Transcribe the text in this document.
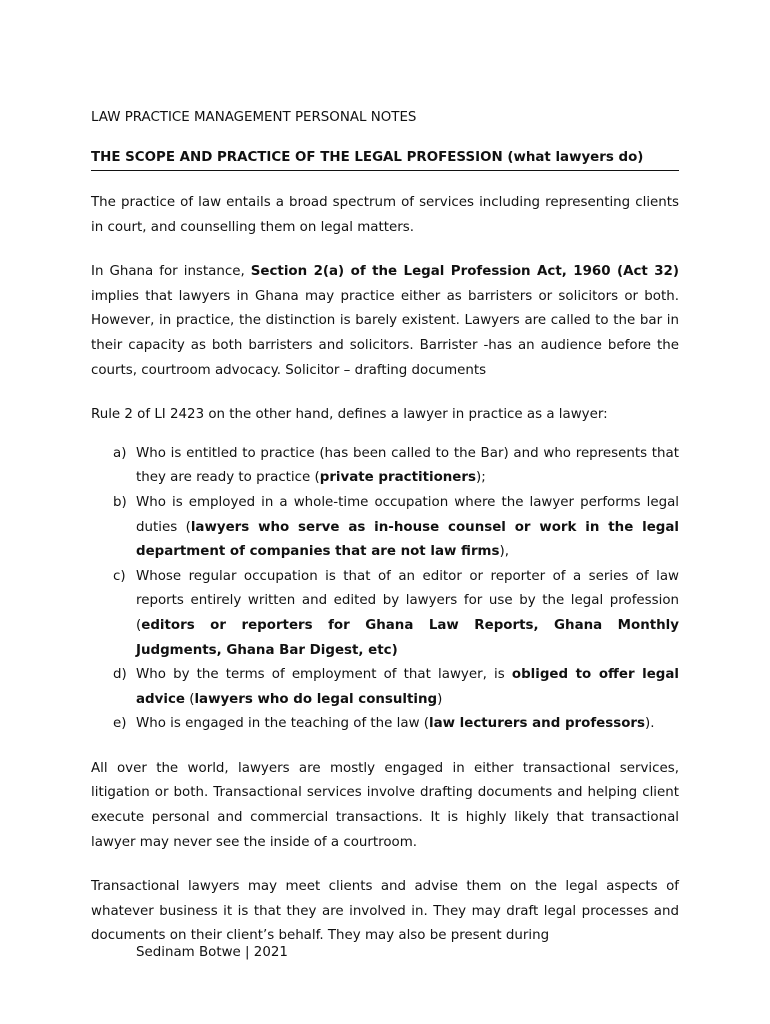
LAW PRACTICE MANAGEMENT PERSONAL NOTES
THE SCOPE AND PRACTICE OF THE LEGAL PROFESSION (what lawyers do)

The practice of law entails a broad spectrum of services including representing clients in court, and counselling them on legal matters.

In Ghana for instance, Section 2(a) of the Legal Profession Act, 1960 (Act 32) implies that lawyers in Ghana may practice either as barristers or solicitors or both. However, in practice, the distinction is barely existent. Lawyers are called to the bar in their capacity as both barristers and solicitors. Barrister -has an audience before the courts, courtroom advocacy. Solicitor – drafting documents

Rule 2 of LI 2423 on the other hand, defines a lawyer in practice as a lawyer:

a) Who is entitled to practice (has been called to the Bar) and who represents that they are ready to practice (private practitioners);
b) Who is employed in a whole-time occupation where the lawyer performs legal duties (lawyers who serve as in-house counsel or work in the legal department of companies that are not law firms),
c) Whose regular occupation is that of an editor or reporter of a series of law reports entirely written and edited by lawyers for use by the legal profession (editors or reporters for Ghana Law Reports, Ghana Monthly Judgments, Ghana Bar Digest, etc)
d) Who by the terms of employment of that lawyer, is obliged to offer legal advice (lawyers who do legal consulting)
e) Who is engaged in the teaching of the law (law lecturers and professors).

All over the world, lawyers are mostly engaged in either transactional services, litigation or both. Transactional services involve drafting documents and helping client execute personal and commercial transactions. It is highly likely that transactional lawyer may never see the inside of a courtroom.

Transactional lawyers may meet clients and advise them on the legal aspects of whatever business it is that they are involved in. They may draft legal processes and documents on their client’s behalf. They may also be present during

Sedinam Botwe | 2021
